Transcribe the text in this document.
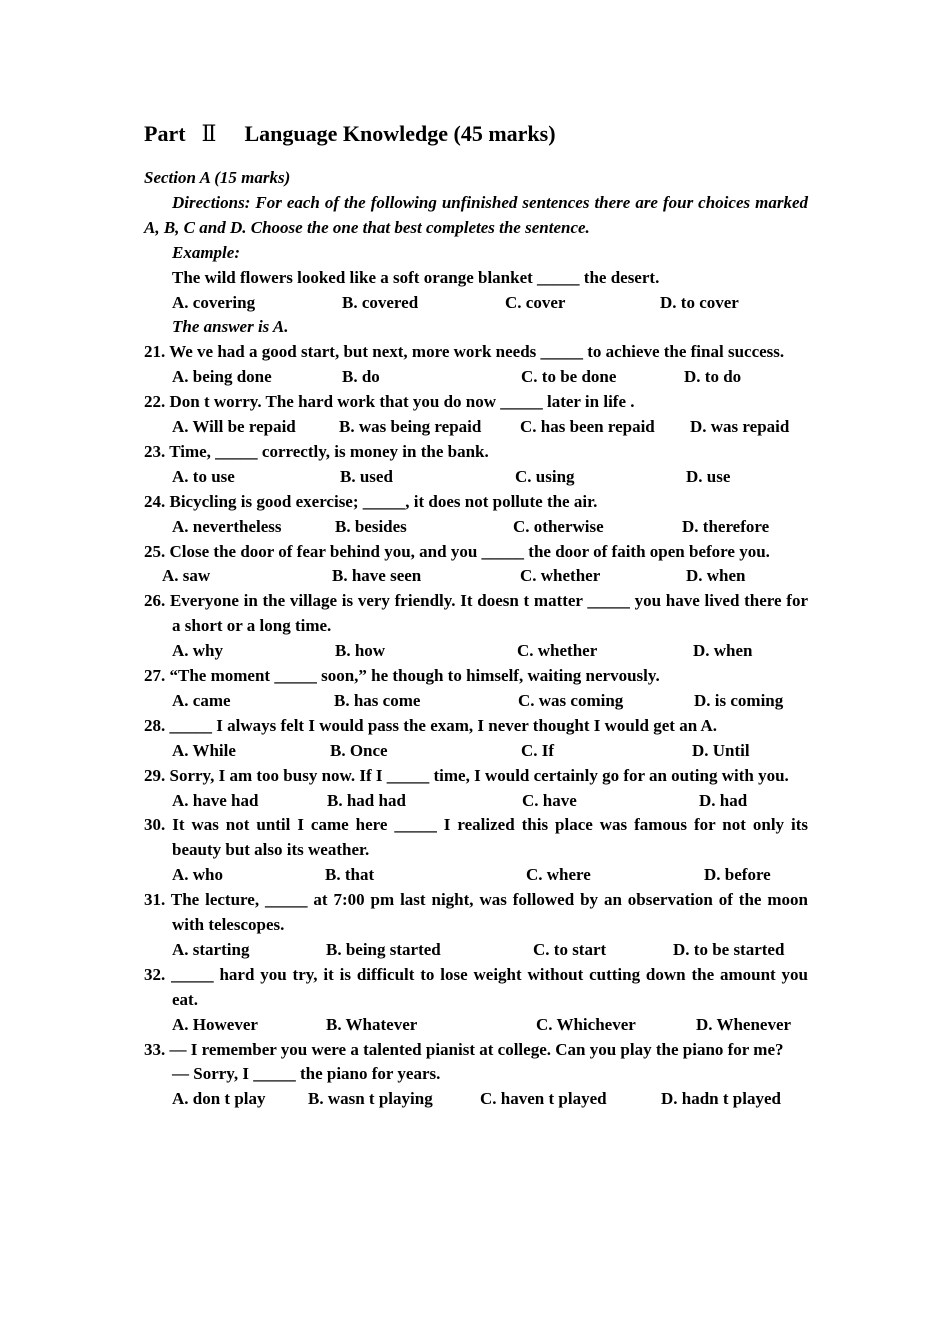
Part Ⅱ Language Knowledge (45 marks)
Section A (15 marks)
Directions: For each of the following unfinished sentences there are four choices marked A, B, C and D. Choose the one that best completes the sentence.
Example:
The wild flowers looked like a soft orange blanket _____ the desert.
A. covering	B. covered	C. cover	D. to cover
The answer is A.
21. We ve had a good start, but next, more work needs _____ to achieve the final success.
A. being done	B. do	C. to be done	D. to do
22. Don t worry. The hard work that you do now _____ later in life .
A. Will be repaid	B. was being repaid C. has been repaid D. was repaid
23. Time, _____ correctly, is money in the bank.
A. to use	B. used	C. using	D. use
24. Bicycling is good exercise; _____, it does not pollute the air.
A. nevertheless	B. besides	C. otherwise	D. therefore
25. Close the door of fear behind you, and you _____ the door of faith open before you.
A. saw	B. have seen	C. whether	D. when
26. Everyone in the village is very friendly. It doesn t matter _____ you have lived there for a short or a long time.
A. why	B. how	C. whether	D. when
27. “The moment _____ soon,” he though to himself, waiting nervously.
A. came	B. has come	C. was coming	D. is coming
28. _____ I always felt I would pass the exam, I never thought I would get an A.
A. While	B. Once	C. If	D. Until
29. Sorry, I am too busy now. If I _____ time, I would certainly go for an outing with you.
A. have had	B. had had	C. have	D. had
30. It was not until I came here _____ I realized this place was famous for not only its beauty but also its weather.
A. who	B. that	C. where	D. before
31. The lecture, _____ at 7:00 pm last night, was followed by an observation of the moon with telescopes.
A. starting	B. being started	C. to start	D. to be started
32. _____ hard you try, it is difficult to lose weight without cutting down the amount you eat.
A. However	B. Whatever	C. Whichever	D. Whenever
33. — I remember you were a talented pianist at college. Can you play the piano for me?
— Sorry, I _____ the piano for years.
A. don t play B. wasn t playing	C. haven t played	D. hadn t played
